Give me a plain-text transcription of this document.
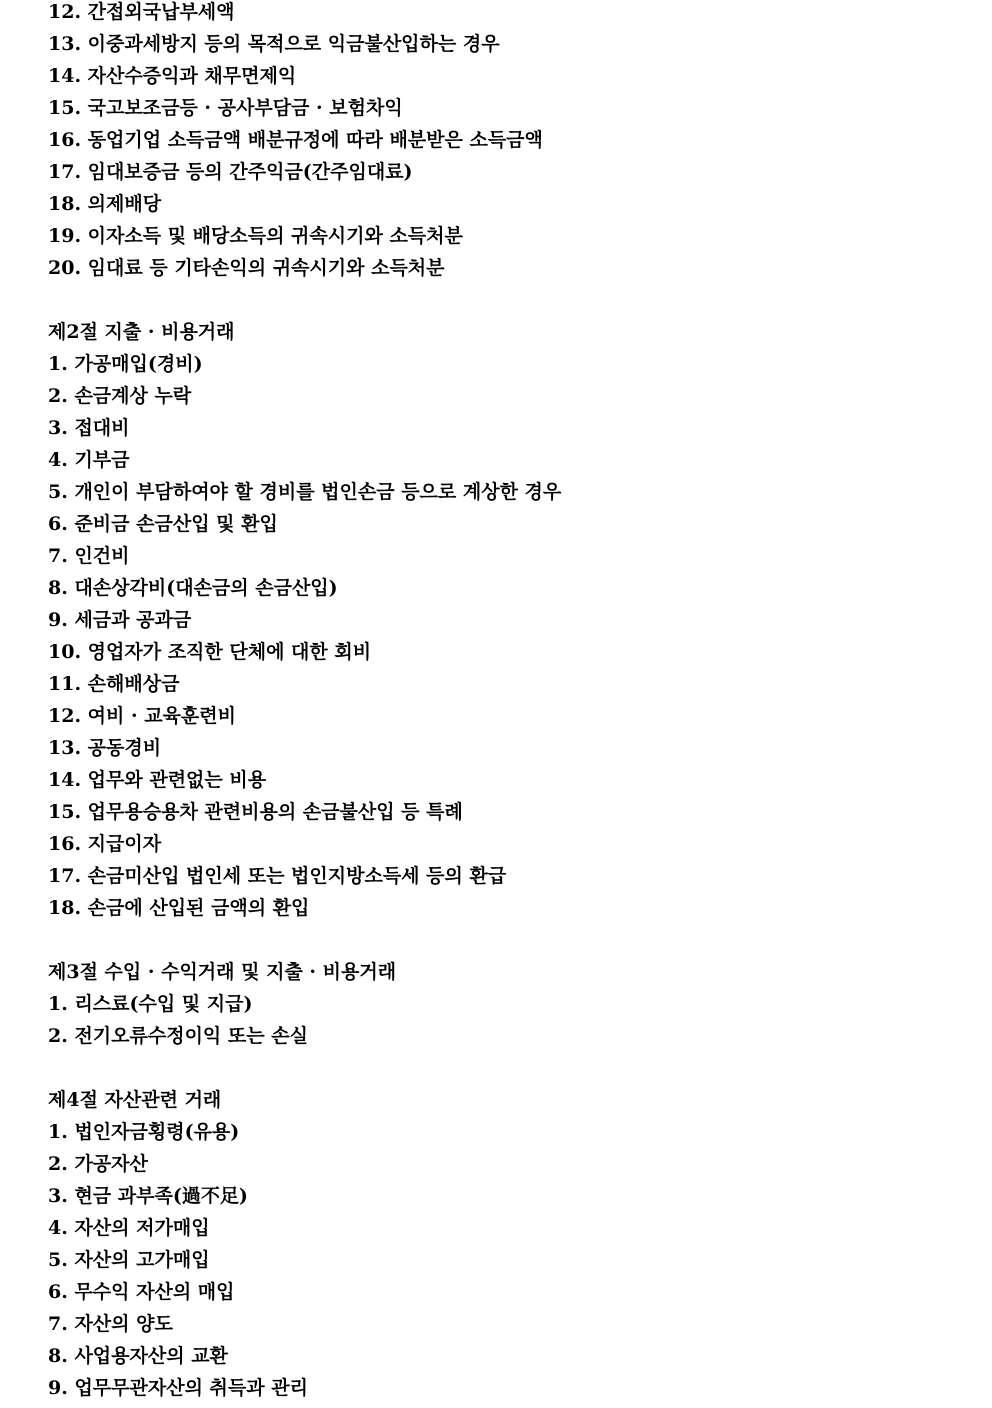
12. 간접외국납부세액
13. 이중과세방지 등의 목적으로 익금불산입하는 경우
14. 자산수증익과 채무면제익
15. 국고보조금등 · 공사부담금 · 보험차익
16. 동업기업 소득금액 배분규정에 따라 배분받은 소득금액
17. 임대보증금 등의 간주익금(간주임대료)
18. 의제배당
19. 이자소득 및 배당소득의 귀속시기와 소득처분
20. 임대료 등 기타손익의 귀속시기와 소득처분
제2절 지출 · 비용거래
1. 가공매입(경비)
2. 손금계상 누락
3. 접대비
4. 기부금
5. 개인이 부담하여야 할 경비를 법인손금 등으로 계상한 경우
6. 준비금 손금산입 및 환입
7. 인건비
8. 대손상각비(대손금의 손금산입)
9. 세금과 공과금
10. 영업자가 조직한 단체에 대한 회비
11. 손해배상금
12. 여비 · 교육훈련비
13. 공동경비
14. 업무와 관련없는 비용
15. 업무용승용차 관련비용의 손금불산입 등 특례
16. 지급이자
17. 손금미산입 법인세 또는 법인지방소득세 등의 환급
18. 손금에 산입된 금액의 환입
제3절 수입 · 수익거래 및 지출 · 비용거래
1. 리스료(수입 및 지급)
2. 전기오류수정이익 또는 손실
제4절 자산관련 거래
1. 법인자금횡령(유용)
2. 가공자산
3. 현금 과부족(過不足)
4. 자산의 저가매입
5. 자산의 고가매입
6. 무수익 자산의 매입
7. 자산의 양도
8. 사업용자산의 교환
9. 업무무관자산의 취득과 관리
